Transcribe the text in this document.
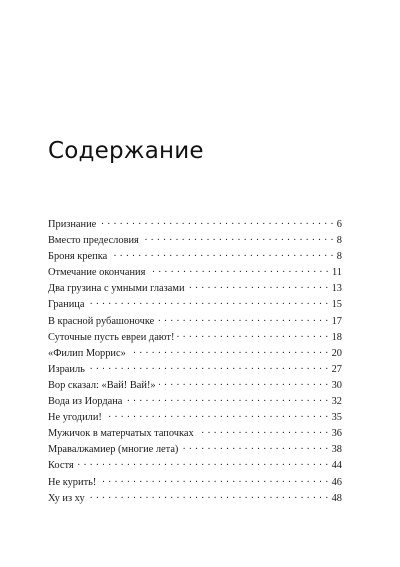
Содержание
Признание . . .	6
Вместо предесловия . . .	8
Броня крепка . . .	8
Отмечание окончания . . .	11
Два грузина с умными глазами . . .	13
Граница . . .	15
В красной рубашоночке . . .	17
Суточные пусть евреи дают! . . .	18
«Филип Моррис» . . .	20
Израиль . . .	27
Вор сказал: «Вай! Вай!» . . .	30
Вода из Иордана . . .	32
Не угодили! . . .	35
Мужичок в матерчатых тапочках . . .	36
Мравалжамиер (многие лета) . . .	38
Костя . . .	44
Не курить! . . .	46
Ху из ху . . .	48
